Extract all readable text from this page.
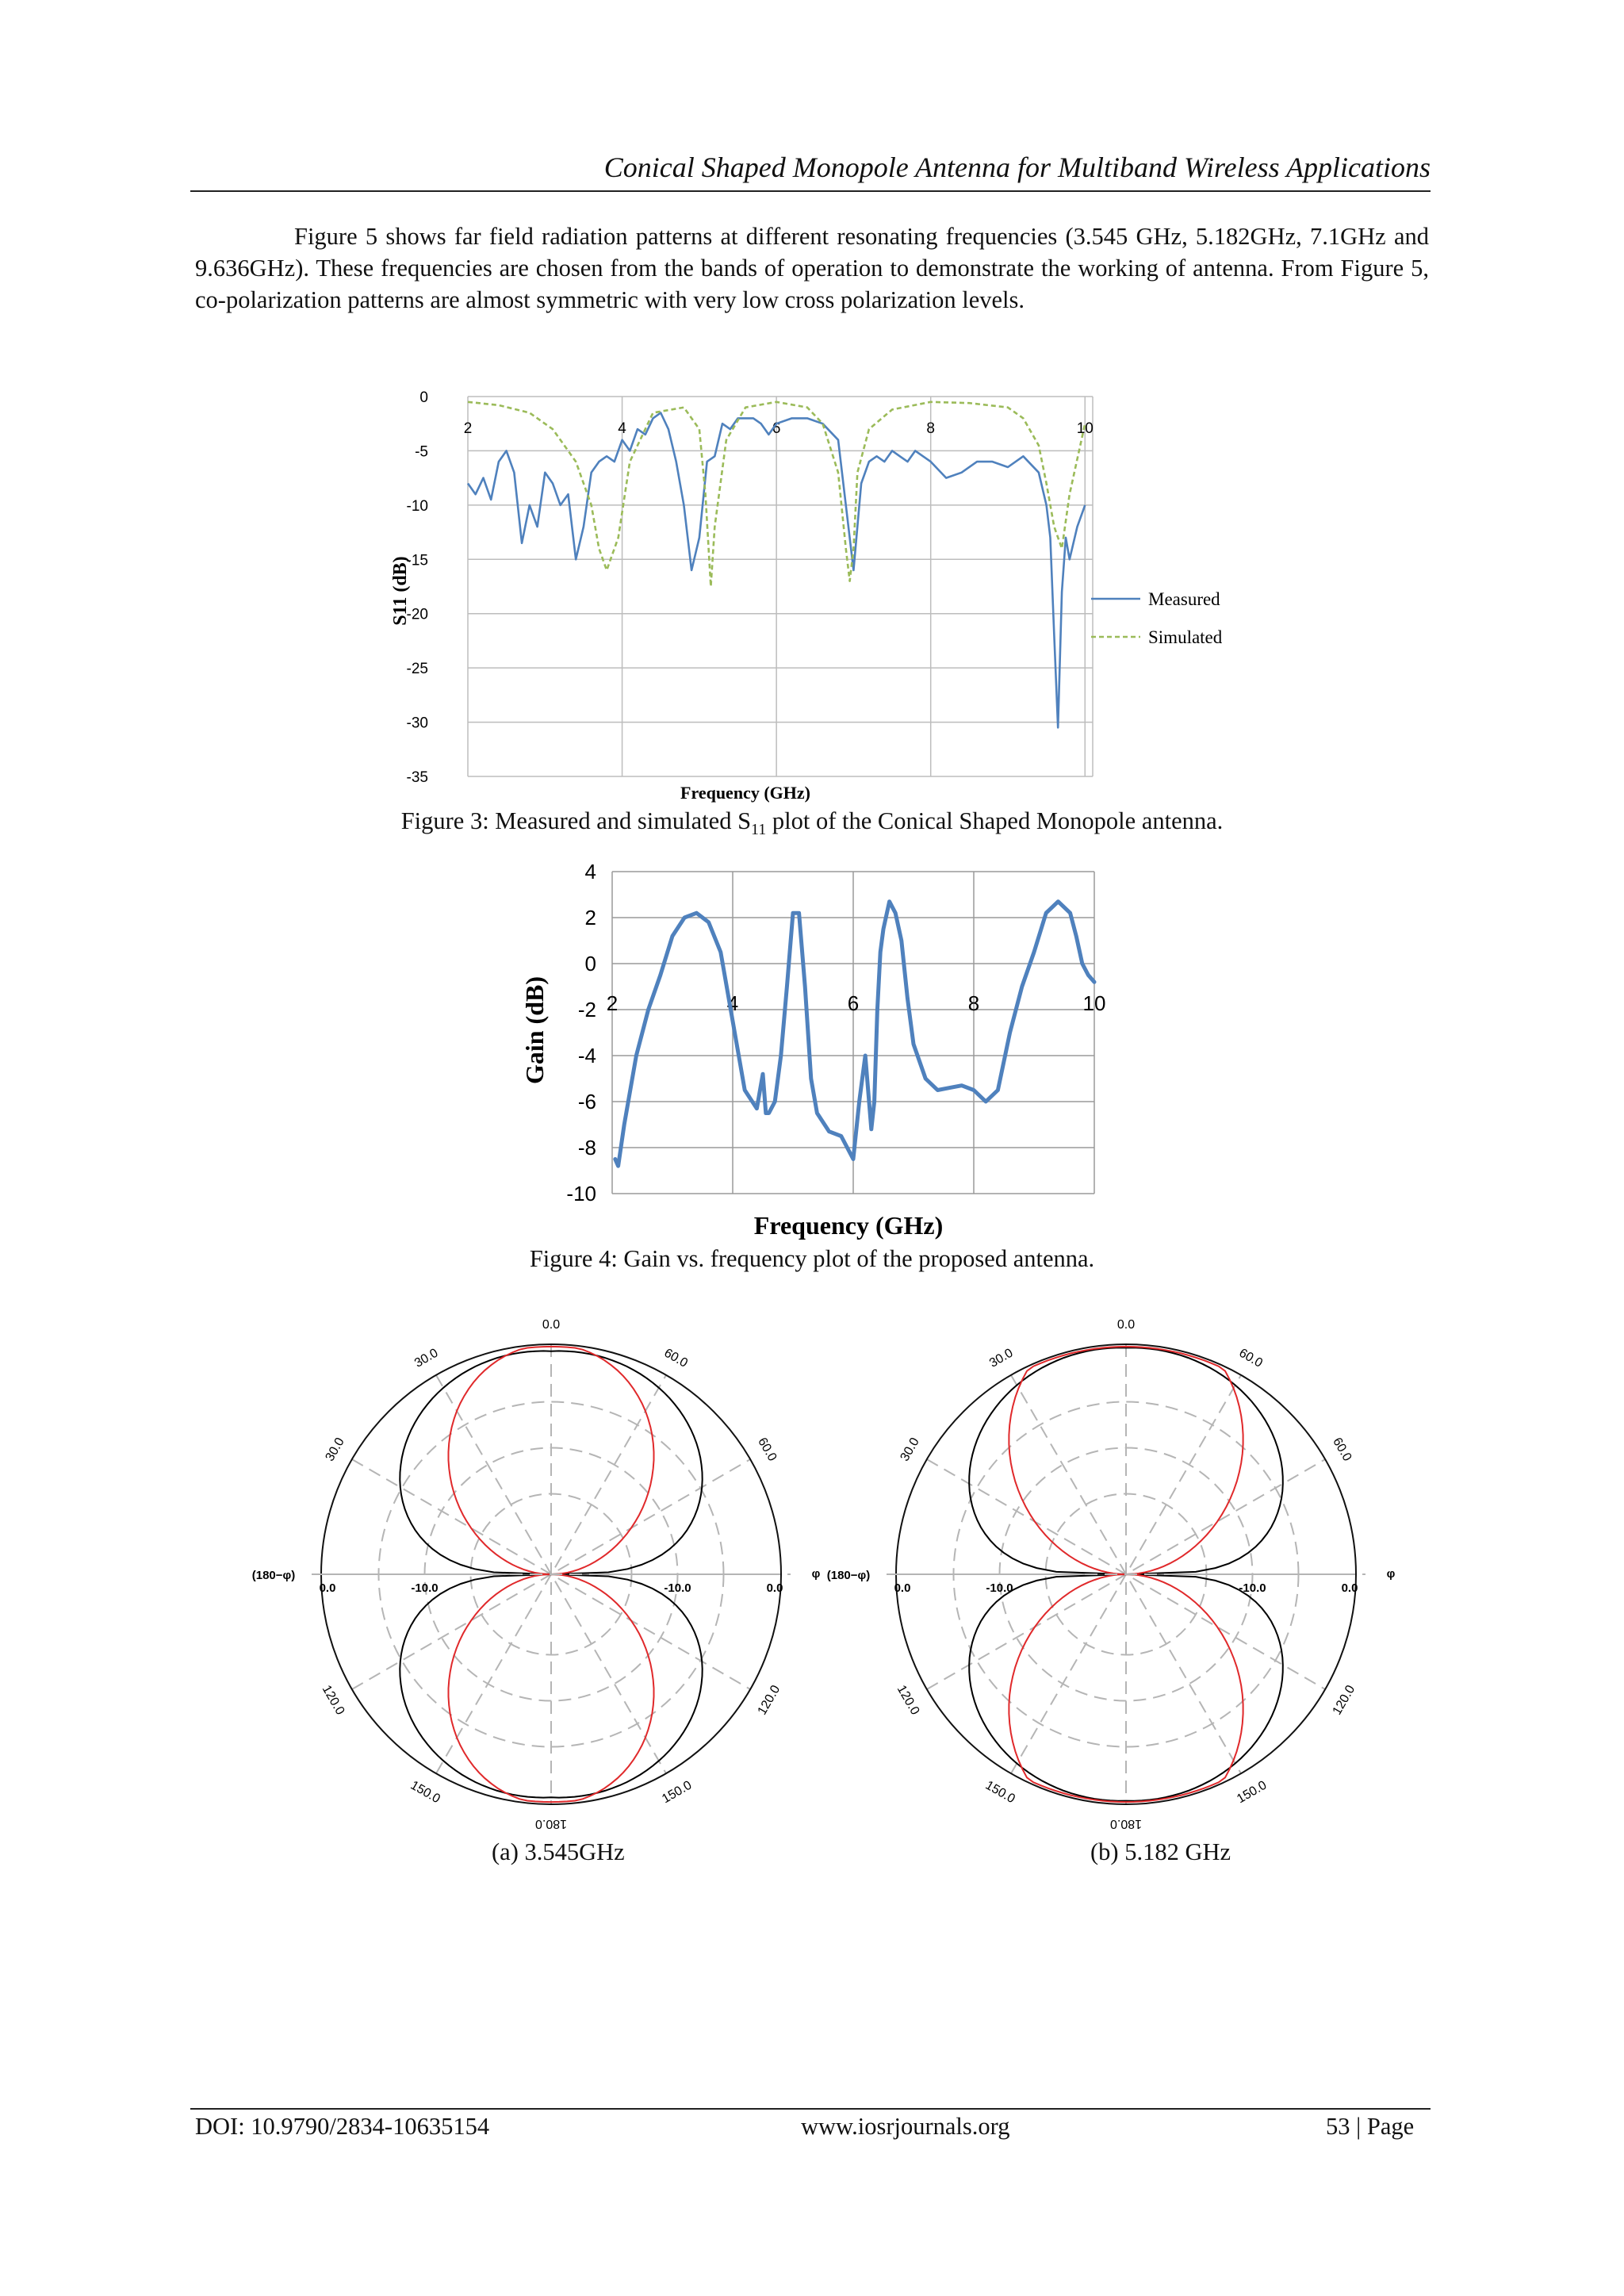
Conical Shaped Monopole Antenna for Multiband Wireless Applications
Figure 5 shows far field radiation patterns at different resonating frequencies (3.545 GHz, 5.182GHz, 7.1GHz and 9.636GHz). These frequencies are chosen from the bands of operation to demonstrate the working of antenna. From Figure 5, co-polarization patterns are almost symmetric with very low cross polarization levels.
0
-5
-10
-15
-20
-25
-30
-35
2	4	6	8	10
Measured
Simulated
S11 (dB)
Frequency (GHz)
Figure 3: Measured and simulated $S_{11}$ plot of the Conical Shaped Monopole antenna.
4
2
0
-2
-4
-6
-8
-10
2	4	6	8	10
Gain (dB)
Frequency (GHz)
Figure 4: Gain vs. frequency plot of the proposed antenna.
0.0
30.0	60.0
30.0	60.0
120.0
150.0
180.0
150.0
120.0
0.0	-10.0	-10.0	0.0
(180−φ)	φ
0.0
30.0	60.0
30.0	60.0
120.0
150.0
180.0
150.0
120.0
0.0	-10.0	-10.0	0.0
(180−φ)	φ
(a) 3.545GHz	(b) 5.182 GHz
DOI: 10.9790/2834-10635154	www.iosrjournals.org	53 | Page
